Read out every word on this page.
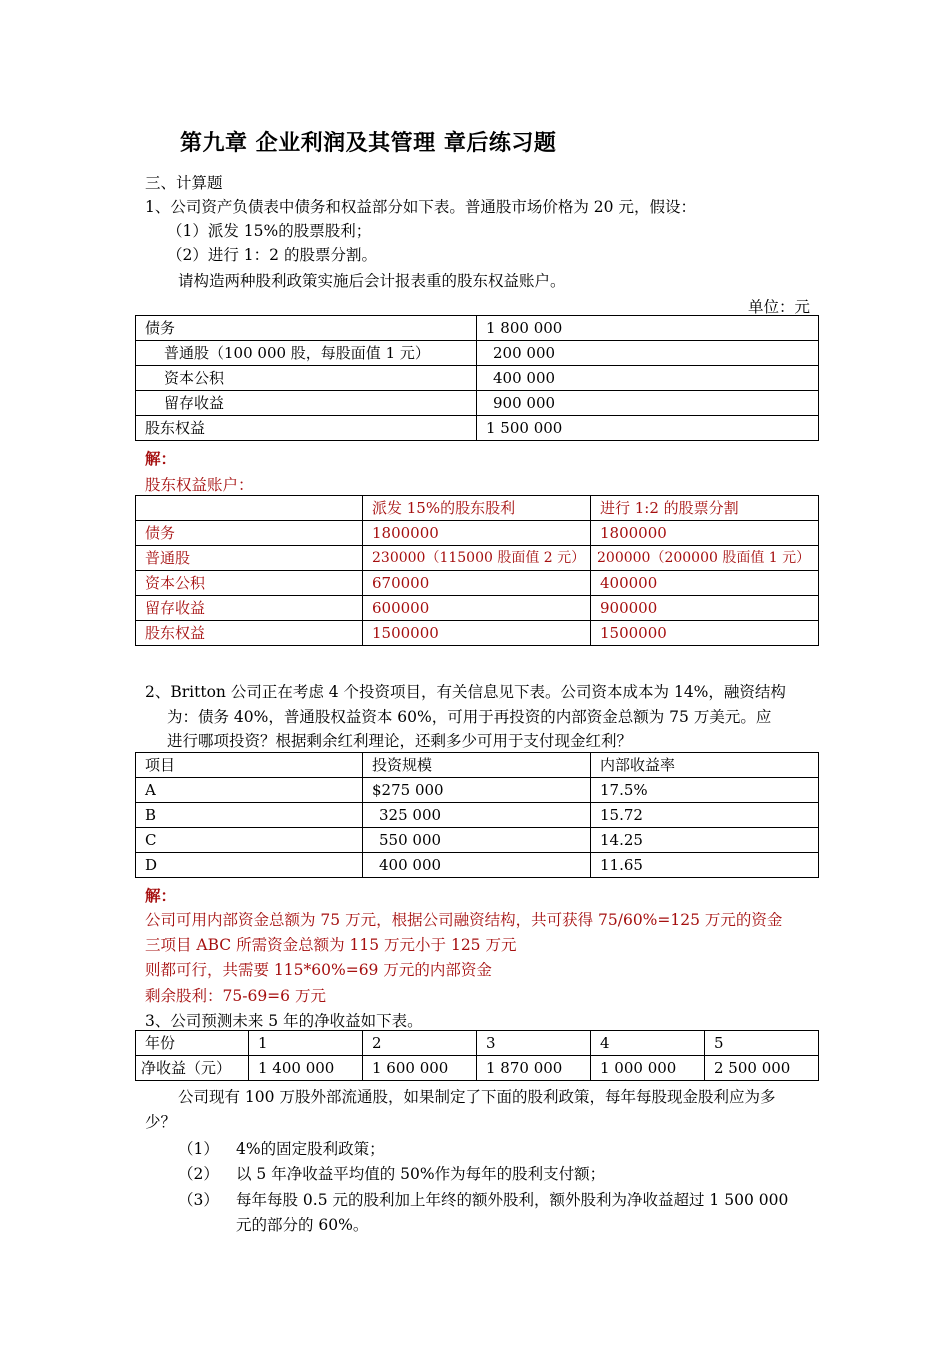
第九章 企业利润及其管理 章后练习题
三、计算题
1、公司资产负债表中债务和权益部分如下表。普通股市场价格为 20 元，假设：
（1）派发 15%的股票股利；
（2）进行 1：2 的股票分割。
请构造两种股利政策实施后会计报表重的股东权益账户。
单位：元
债务	1 800 000
普通股（100 000 股，每股面值 1 元）	200 000
资本公积	400 000
留存收益	900 000
股东权益	1 500 000
解：
股东权益账户：
	派发 15%的股东股利	进行 1:2 的股票分割
债务	1800000	1800000
普通股	230000（115000 股面值 2 元）	200000（200000 股面值 1 元）
资本公积	670000	400000
留存收益	600000	900000
股东权益	1500000	1500000
2、Britton 公司正在考虑 4 个投资项目，有关信息见下表。公司资本成本为 14%，融资结构
为：债务 40%，普通股权益资本 60%，可用于再投资的内部资金总额为 75 万美元。应
进行哪项投资？根据剩余红利理论，还剩多少可用于支付现金红利？
项目	投资规模	内部收益率
A	$275 000	17.5%
B	325 000	15.72
C	550 000	14.25
D	400 000	11.65
解：
公司可用内部资金总额为 75 万元，根据公司融资结构，共可获得 75/60%=125 万元的资金
三项目 ABC 所需资金总额为 115 万元小于 125 万元
则都可行，共需要 115*60%=69 万元的内部资金
剩余股利：75-69=6 万元
3、公司预测未来 5 年的净收益如下表。
年份	1	2	3	4	5
净收益（元）	1 400 000	1 600 000	1 870 000	1 000 000	2 500 000
公司现有 100 万股外部流通股，如果制定了下面的股利政策，每年每股现金股利应为多
少？
（1） 4%的固定股利政策；
（2） 以 5 年净收益平均值的 50%作为每年的股利支付额；
（3） 每年每股 0.5 元的股利加上年终的额外股利，额外股利为净收益超过 1 500 000
元的部分的 60%。
